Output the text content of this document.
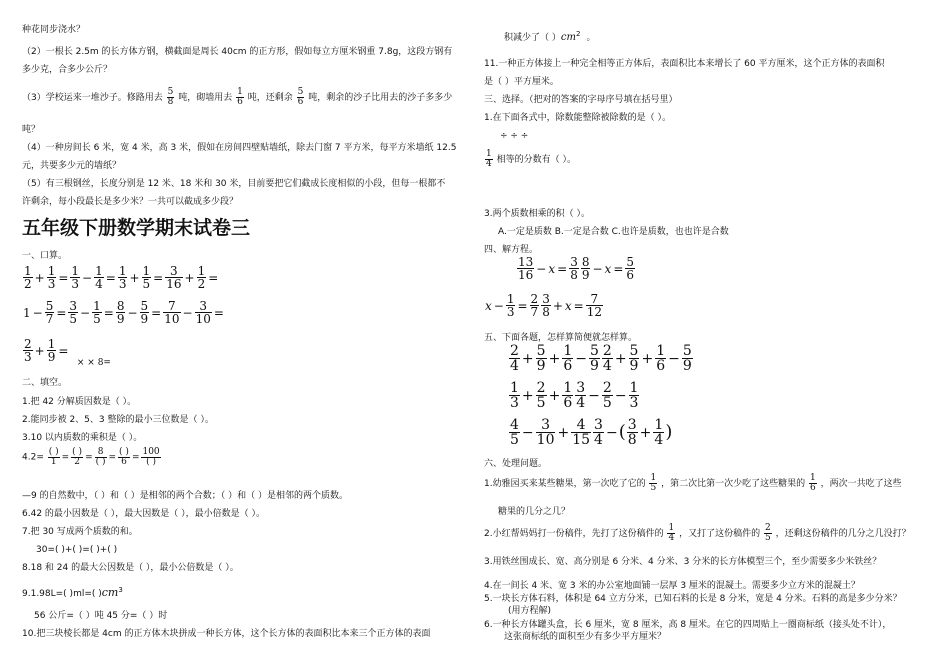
种花同步浇水？
（2）一根长 2.5m 的长方体方钢，横截面是周长 40cm 的正方形，假如每立方厘米钢重 7.8g，这段方钢有
多少克，合多少公斤？
（3）学校运来一堆沙子。修路用去 $\frac{5}{8}$ 吨，砌墙用去 $\frac{1}{6}$ 吨，还剩余 $\frac{5}{6}$ 吨，剩余的沙子比用去的沙子多多少
吨？
（4）一种房间长 6 米，宽 4 米，高 3 米，假如在房间四壁贴墙纸，除去门窗 7 平方米，每平方米墙纸 12.5
元，共要多少元的墙纸？
（5）有三根钢丝，长度分别是 12 米、18 米和 30 米，目前要把它们截成长度相似的小段，但每一根都不
许剩余，每小段最长是多少米？一共可以截成多少段？
五年级下册数学期末试卷三
一、口算。
$\frac{1}{2} + \frac{1}{3} = \frac{1}{3} - \frac{1}{4} = \frac{1}{3} + \frac{1}{5} = \frac{3}{16} + \frac{1}{2}$ =
$1 - \frac{5}{7} = \frac{3}{5} - \frac{1}{5} = \frac{8}{9} - \frac{5}{9} = \frac{7}{10} - \frac{3}{10}$ =
$\frac{2}{3} + \frac{1}{9}$ = × × 8=
二、填空。
1.把 42 分解质因数是（ ）。
2.能同步被 2、5、3 整除的最小三位数是（ ）。
3.10 以内质数的乘积是（ ）。
$4.2= \frac{( )}{1} = \frac{( )}{2} = \frac{8}{( )} = \frac{( )}{6} = \frac{100}{( )}$
—9 的自然数中，（ ）和（ ）是相邻的两个合数；（ ）和（ ）是相邻的两个质数。
6.42 的最小因数是（ ），最大因数是（ ），最小倍数是（ ）。
7.把 30 写成两个质数的和。
30=( )+( )=( )+( )
8.18 和 24 的最大公因数是（ ），最小公倍数是（ ）。
9.1.98L=( )ml=( )$cm^3$
56 公斤=（ ）吨 45 分=（ ）时
10.把三块棱长都是 4cm 的正方体木块拼成一种长方体，这个长方体的表面积比本来三个正方体的表面
积减少了（ ）$cm^2$ 。
11.一种正方体接上一种完全相等正方体后，表面积比本来增长了 60 平方厘米，这个正方体的表面积
是（ ）平方厘米。
三、选择。（把对的答案的字母序号填在括号里）
1.在下面各式中，除数能整除被除数的是（ ）。
÷ ÷ ÷
$\frac{1}{4}$ 相等的分数有（ ）。
3.两个质数相乘的积（ ）。
A.一定是质数 B.一定是合数 C.也许是质数，也也许是合数
四、解方程。
$\frac{13}{16} - x = \frac{3}{8} \frac{8}{9} - x = \frac{5}{6}$
$x - \frac{1}{3} = \frac{2}{7} \frac{3}{8} + x = \frac{7}{12}$
五、下面各题，怎样算简便就怎样算。
$\frac{2}{4} + \frac{5}{9} + \frac{1}{6} - \frac{5}{9} \frac{2}{4} + \frac{5}{9} + \frac{1}{6} - \frac{5}{9}$
$\frac{1}{3} + \frac{2}{5} + \frac{1}{6} \frac{3}{4} - \frac{2}{5} - \frac{1}{3}$
$\frac{4}{5} - \frac{3}{10} + \frac{4}{15} \frac{3}{4}$ −( $\frac{3}{8} + \frac{1}{4}$ )
六、处理问题。
1.幼雅园买来某些糖果，第一次吃了它的 $\frac{1}{5}$ ，第二次比第一次少吃了这些糖果的 $\frac{1}{6}$ ，两次一共吃了这些
糖果的几分之几？
2.小红帮妈妈打一份稿件，先打了这份稿件的 $\frac{1}{4}$ ，又打了这份稿件的 $\frac{2}{5}$ ，还剩这份稿件的几分之几没打？
3.用铁丝围成长、宽、高分别是 6 分米、4 分米、3 分米的长方体模型三个，至少需要多少米铁丝？
4.在一间长 4 米、宽 3 米的办公室地面铺一层厚 3 厘米的混凝土。需要多少立方米的混凝土？
5.一块长方体石料，体积是 64 立方分米，已知石料的长是 8 分米，宽是 4 分米。石料的高是多少分米？
(用方程解)
6.一种长方体罐头盒，长 6 厘米，宽 8 厘米，高 8 厘米。在它的四周贴上一圈商标纸（接头处不计），
这张商标纸的面积至少有多少平方厘米？
